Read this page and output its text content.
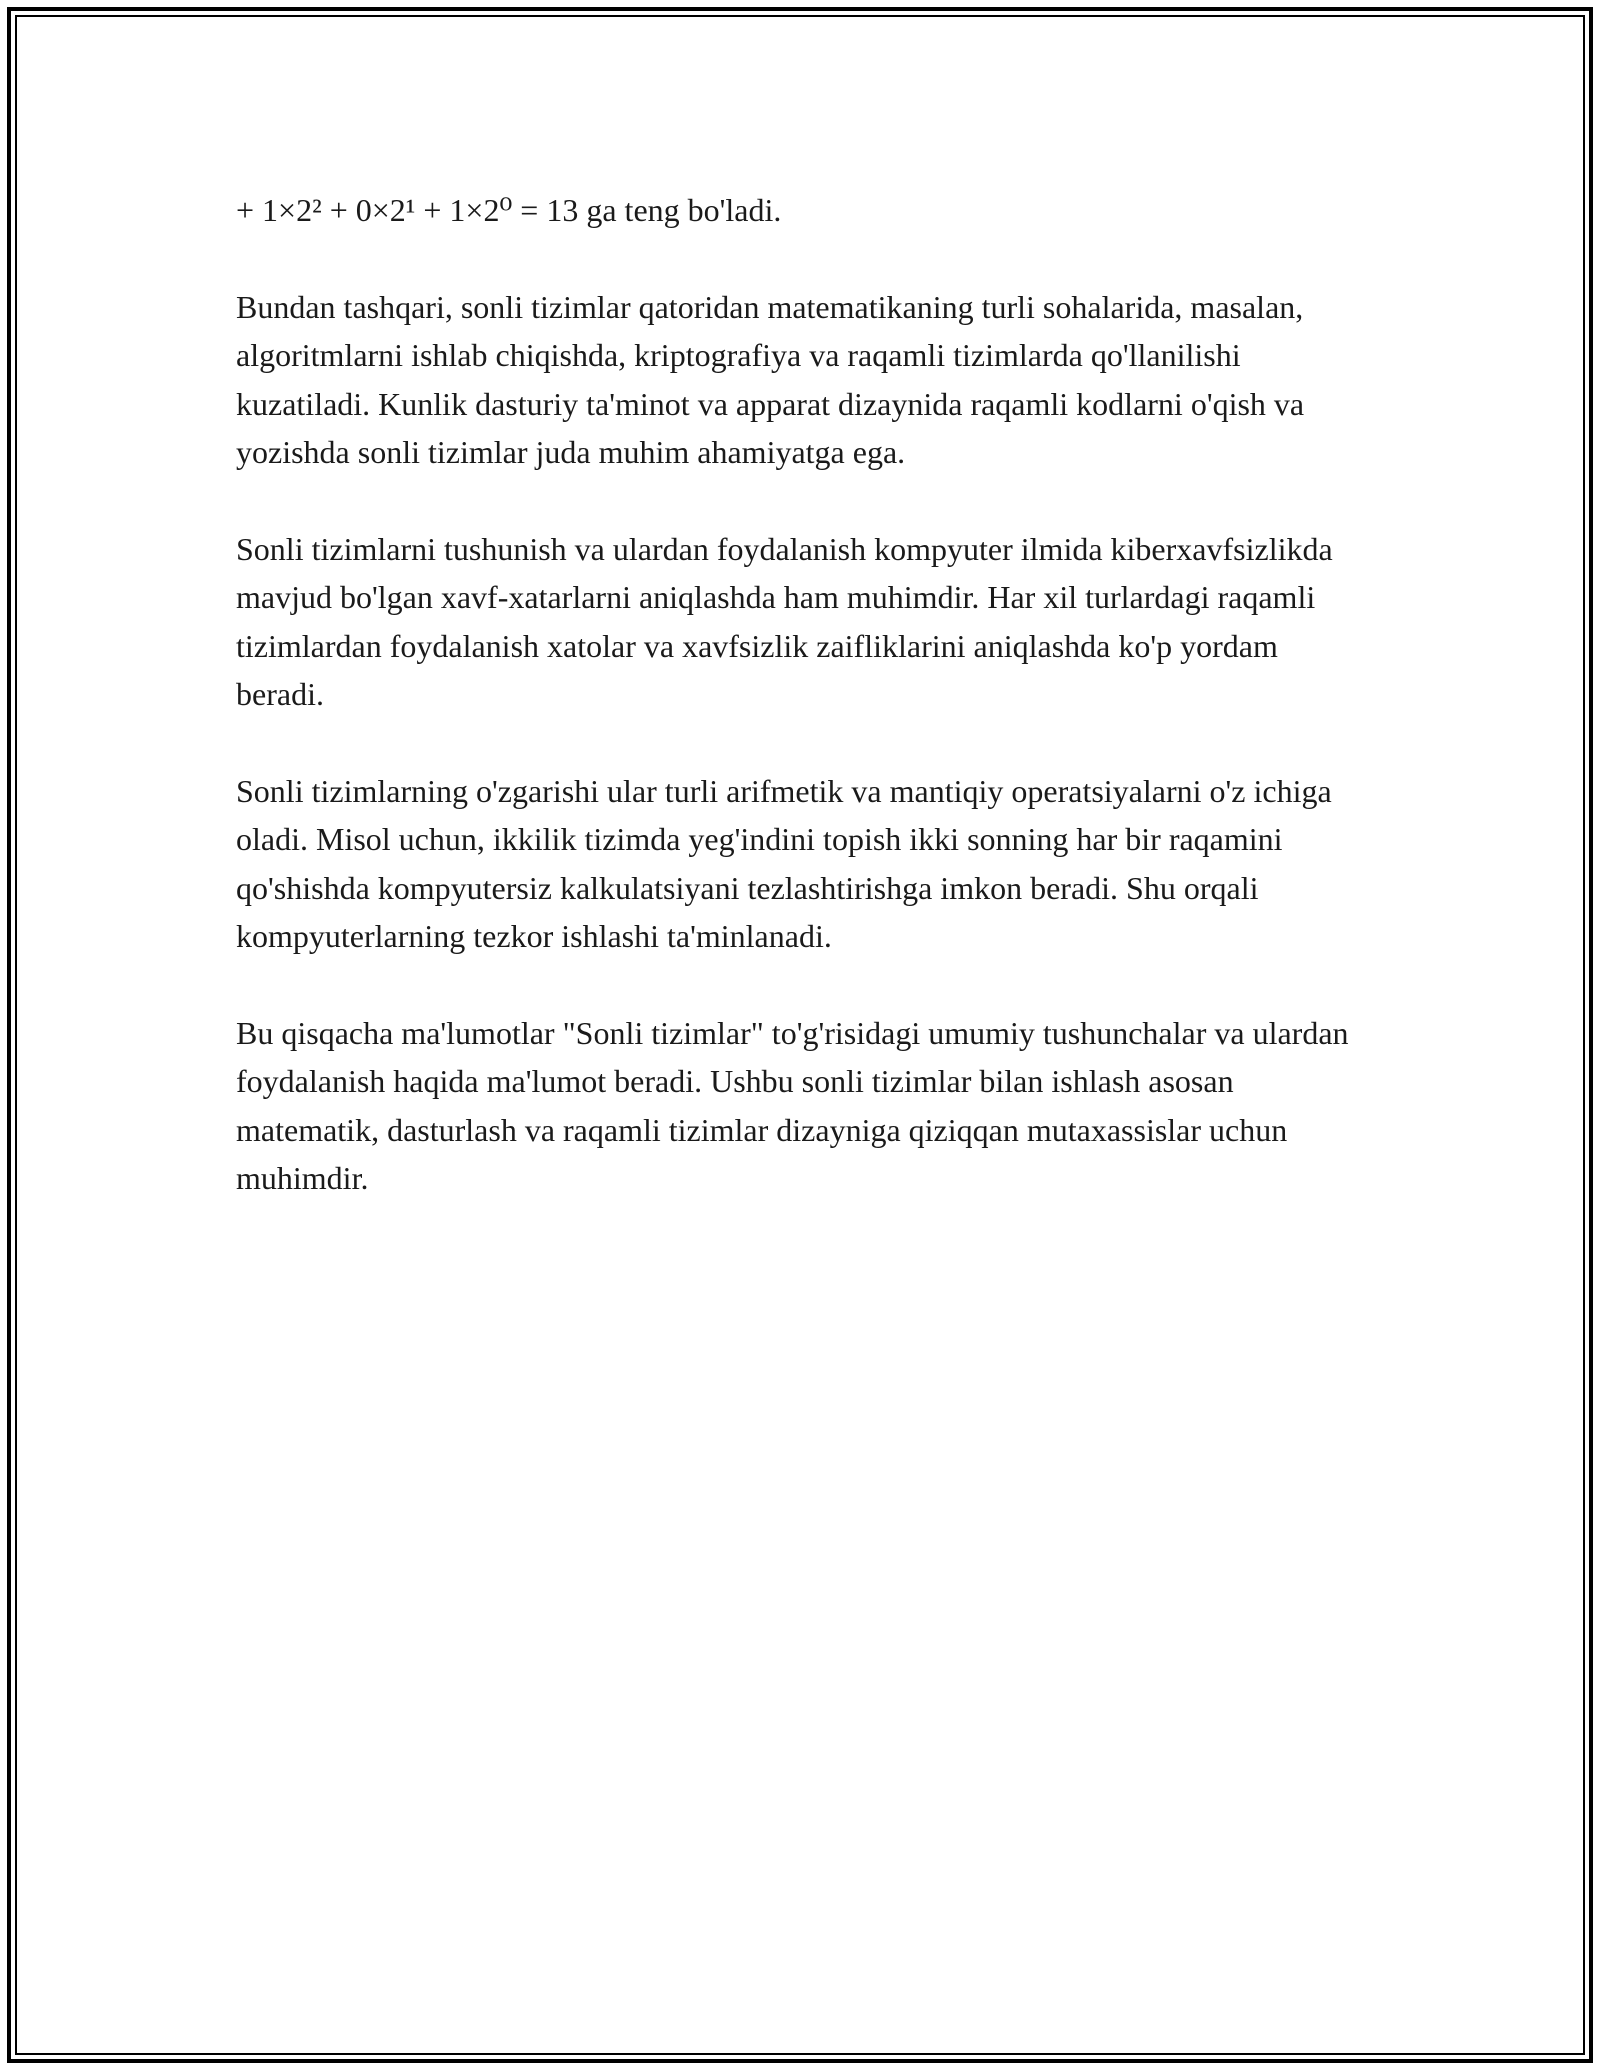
+ 1×2² + 0×2¹ + 1×2⁰ = 13 ga teng bo'ladi.

Bundan tashqari, sonli tizimlar qatoridan matematikaning turli sohalarida, masalan, algoritmlarni ishlab chiqishda, kriptografiya va raqamli tizimlarda qo'llanilishi kuzatiladi. Kunlik dasturiy ta'minot va apparat dizaynida raqamli kodlarni o'qish va yozishda sonli tizimlar juda muhim ahamiyatga ega.

Sonli tizimlarni tushunish va ulardan foydalanish kompyuter ilmida kiberxavfsizlikda mavjud bo'lgan xavf-xatarlarni aniqlashda ham muhimdir. Har xil turlardagi raqamli tizimlardan foydalanish xatolar va xavfsizlik zaifliklarini aniqlashda ko'p yordam beradi.

Sonli tizimlarning o'zgarishi ular turli arifmetik va mantiqiy operatsiyalarni o'z ichiga oladi. Misol uchun, ikkilik tizimda yeg'indini topish ikki sonning har bir raqamini qo'shishda kompyutersiz kalkulatsiyani tezlashtirishga imkon beradi. Shu orqali kompyuterlarning tezkor ishlashi ta'minlanadi.

Bu qisqacha ma'lumotlar "Sonli tizimlar" to'g'risidagi umumiy tushunchalar va ulardan foydalanish haqida ma'lumot beradi. Ushbu sonli tizimlar bilan ishlash asosan matematik, dasturlash va raqamli tizimlar dizayniga qiziqqan mutaxassislar uchun muhimdir.
